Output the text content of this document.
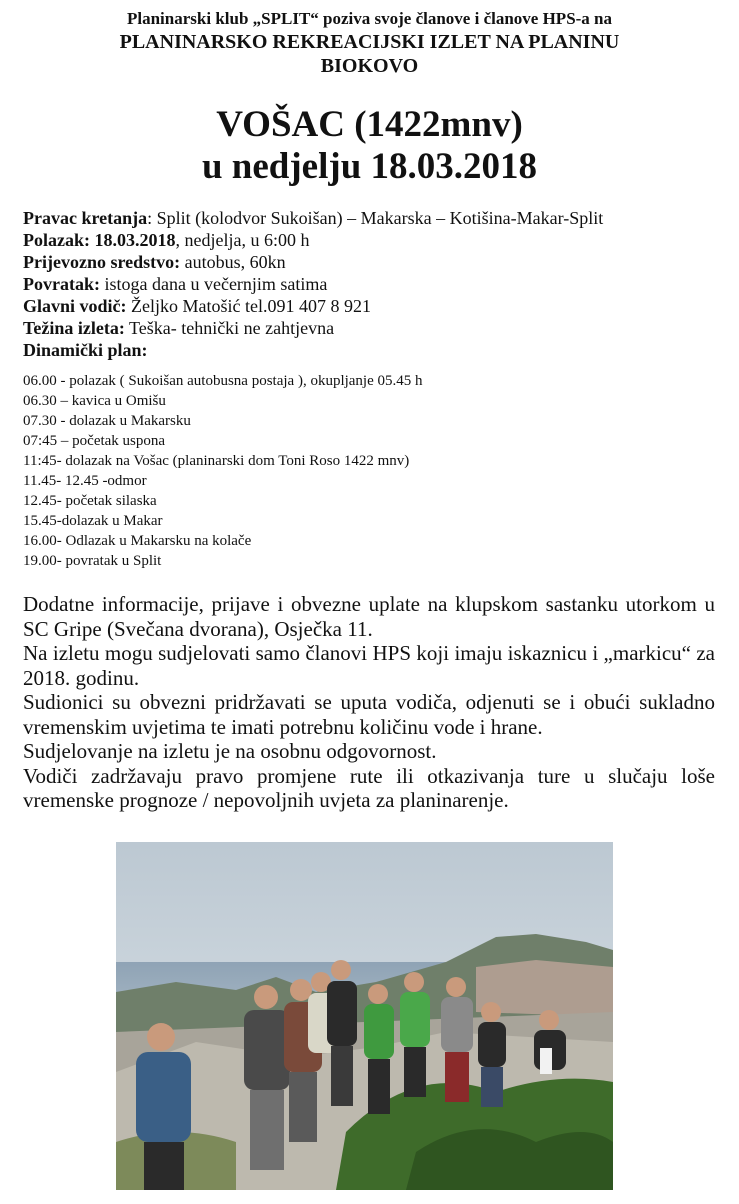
Planinarski klub „SPLIT“ poziva svoje članove i članove HPS-a na
PLANINARSKO REKREACIJSKI IZLET NA PLANINU
BIOKOVO
VOŠAC (1422mnv)
u nedjelju 18.03.2018
Pravac kretanja: Split (kolodvor Sukoišan) – Makarska – Kotišina-Makar-Split
Polazak: 18.03.2018, nedjelja, u 6:00 h
Prijevozno sredstvo: autobus, 60kn
Povratak: istoga dana u večernjim satima
Glavni vodič: Željko Matošić tel.091 407 8 921
Težina izleta: Teška- tehnički ne zahtjevna
Dinamički plan:
06.00 - polazak ( Sukoišan autobusna postaja ), okupljanje 05.45 h
06.30 – kavica u Omišu
07.30 - dolazak u Makarsku
07:45 – početak uspona
11:45- dolazak na Vošac (planinarski dom Toni Roso 1422 mnv)
11.45- 12.45 -odmor
12.45- početak silaska
15.45-dolazak u Makar
16.00- Odlazak u Makarsku na kolače
19.00- povratak u Split

Dodatne informacije, prijave i obvezne uplate na klupskom sastanku utorkom u SC Gripe (Svečana dvorana), Osječka 11.

Na izletu mogu sudjelovati samo članovi HPS koji imaju iskaznicu i „markicu“ za 2018. godinu.

Sudionici su obvezni pridržavati se uputa vodiča, odjenuti se i obući sukladno vremenskim uvjetima te imati potrebnu količinu vode i hrane.

Sudjelovanje na izletu je na osobnu odgovornost.

Vodiči zadržavaju pravo promjene rute ili otkazivanja ture u slučaju loše vremenske prognoze / nepovoljnih uvjeta za planinarenje.
